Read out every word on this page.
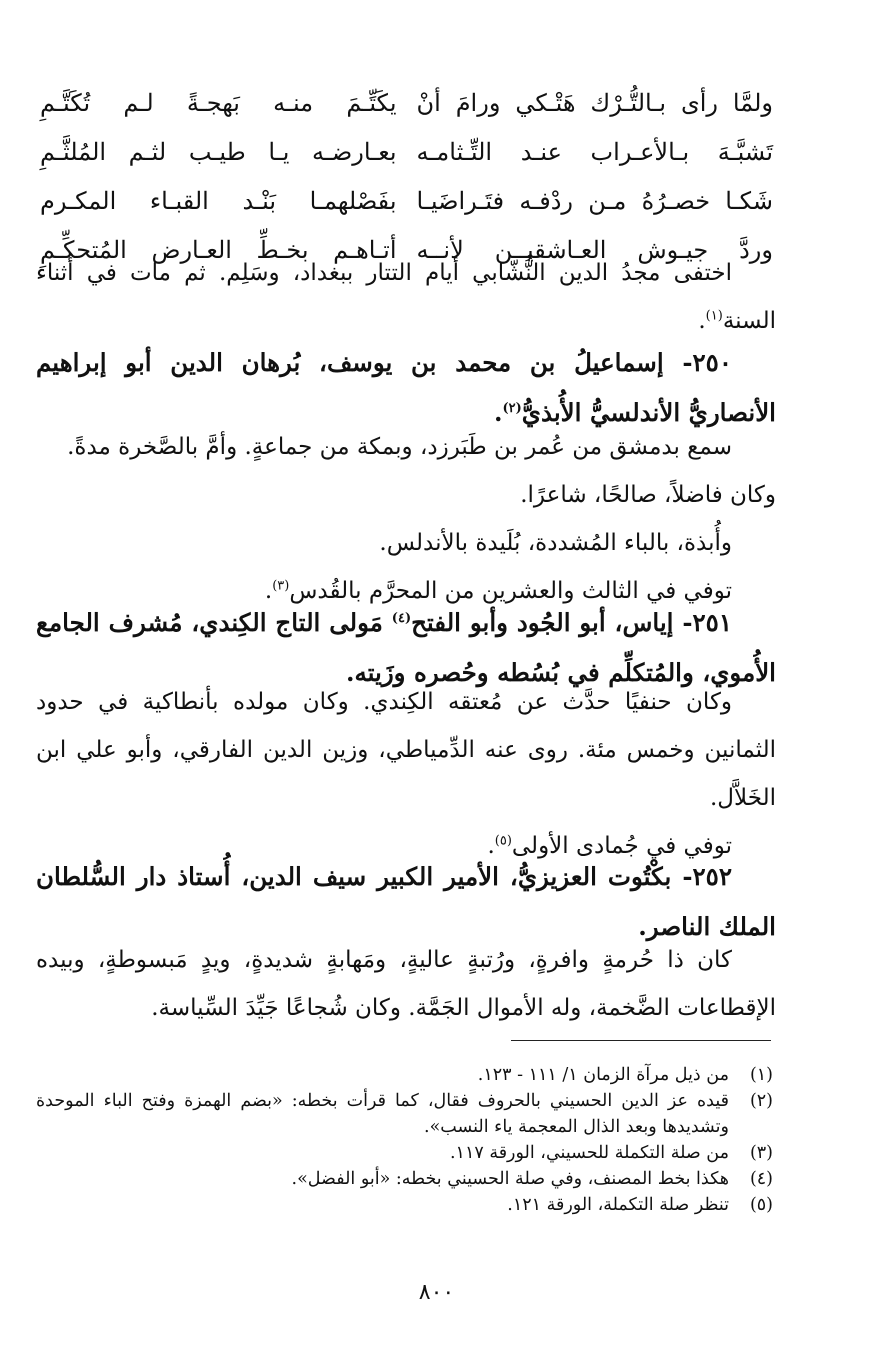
ولمَّا رأى بـالتُّـرْك هَتْـكي ورامَ أنْ
يكَتِّـمَ منـه بَهجـةً لـم تُكَتَّـمِ
تَشبَّـهَ بـالأعـراب عنـد التِّـثامـه
بعـارضـه يـا طيـب لثـم المُلثَّـمِ
شَكـا خصـرُهُ مـن ردْفـه فتَـراضَيـا
بفَصْلهمـا بَنْـد القبـاء المكـرم
وردَّ جيـوش العـاشقيــن لأنــه
أتـاهـم بخـطِّ العـارض المُتحكِّـمِ

اختفى مجدُ الدين النُّشّابي أيام التتار ببغداد، وسَلِم. ثم مات في أثناء السنة$^{(١)}$.

٢٥٠- إسماعيلُ بن محمد بن يوسف، بُرهان الدين أبو إبراهيم الأنصاريُّ الأندلسيُّ الأُبذيُّ$^{(٢)}$.

سمع بدمشق من عُمر بن طَبَرزد، وبمكة من جماعةٍ. وأمَّ بالصَّخرة مدةً.

وكان فاضلاً، صالحًا، شاعرًا.

وأُبذة، بالباء المُشددة، بُلَيدة بالأندلس.

توفي في الثالث والعشرين من المحرَّم بالقُدس$^{(٣)}$.

٢٥١- إياس، أبو الجُود وأبو الفتح$^{(٤)}$ مَولى التاج الكِندي، مُشرف الجامع الأُموي، والمُتكلِّم في بُسُطه وحُصره وزَيته.

وكان حنفيًا حدَّث عن مُعتقه الكِندي. وكان مولده بأنطاكية في حدود الثمانين وخمس مئة. روى عنه الدِّمياطي، وزين الدين الفارقي، وأبو علي ابن الخَلاَّل.

توفي في جُمادى الأولى$^{(٥)}$.

٢٥٢- بكْتُوت العزيزيُّ، الأمير الكبير سيف الدين، أُستاذ دار السُّلطان الملك الناصر.

كان ذا حُرمةٍ وافرةٍ، ورُتبةٍ عاليةٍ، ومَهابةٍ شديدةٍ، ويدٍ مَبسوطةٍ، وبيده الإقطاعات الضَّخمة، وله الأموال الجَمَّة. وكان شُجاعًا جَيِّدَ السِّياسة.

(١)
من ذيل مرآة الزمان ١/ ١١١ - ١٢٣.
(٢)
قيده عز الدين الحسيني بالحروف فقال، كما قرأت بخطه: «بضم الهمزة وفتح الباء الموحدة وتشديدها وبعد الذال المعجمة ياء النسب».
(٣)
من صلة التكملة للحسيني، الورقة ١١٧.
(٤)
هكذا بخط المصنف، وفي صلة الحسيني بخطه: «أبو الفضل».
(٥)
تنظر صلة التكملة، الورقة ١٢١.
٨٠٠
